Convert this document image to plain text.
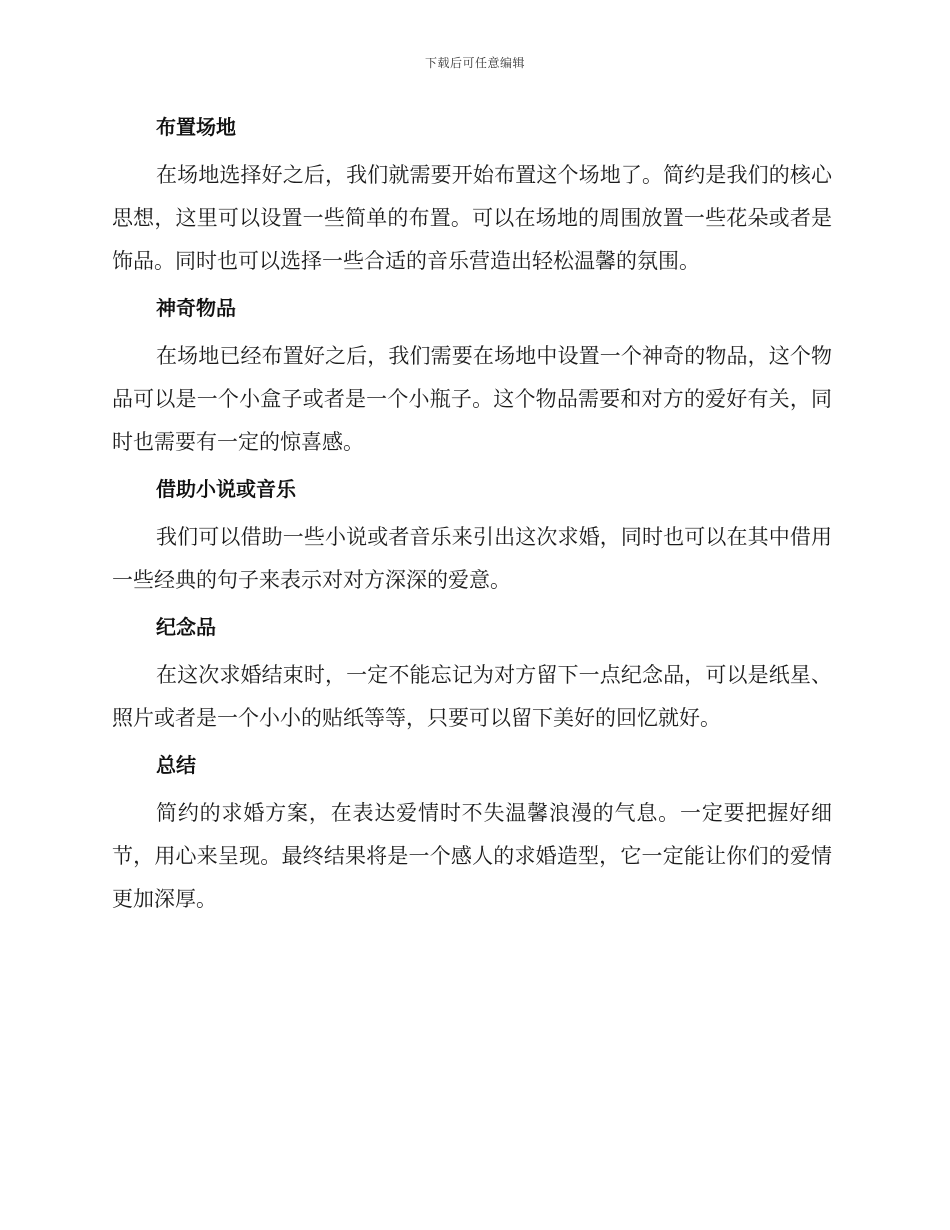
下载后可任意编辑
布置场地

在场地选择好之后，我们就需要开始布置这个场地了。简约是我们的核心思想，这里可以设置一些简单的布置。可以在场地的周围放置一些花朵或者是饰品。同时也可以选择一些合适的音乐营造出轻松温馨的氛围。

神奇物品

在场地已经布置好之后，我们需要在场地中设置一个神奇的物品，这个物品可以是一个小盒子或者是一个小瓶子。这个物品需要和对方的爱好有关，同时也需要有一定的惊喜感。

借助小说或音乐

我们可以借助一些小说或者音乐来引出这次求婚，同时也可以在其中借用一些经典的句子来表示对对方深深的爱意。

纪念品

在这次求婚结束时，一定不能忘记为对方留下一点纪念品，可以是纸星、照片或者是一个小小的贴纸等等，只要可以留下美好的回忆就好。

总结

简约的求婚方案，在表达爱情时不失温馨浪漫的气息。一定要把握好细节，用心来呈现。最终结果将是一个感人的求婚造型，它一定能让你们的爱情更加深厚。
